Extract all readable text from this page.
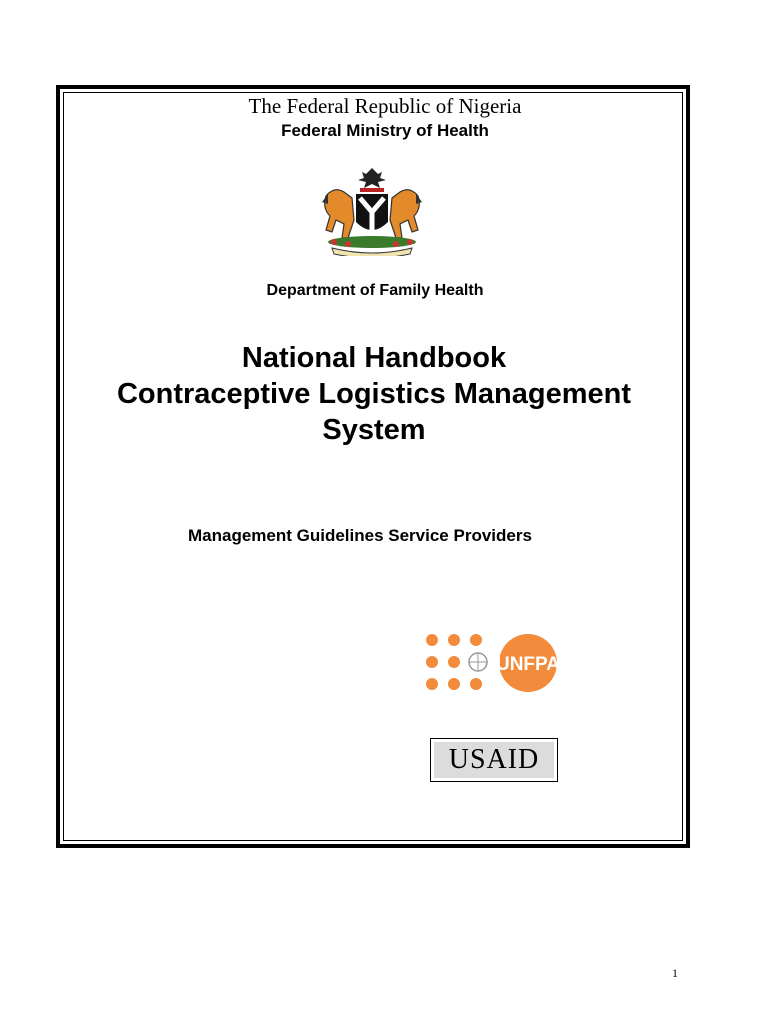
The Federal Republic of Nigeria
Federal Ministry of Health
Department of Family Health
National Handbook
Contraceptive Logistics Management
System
Management Guidelines Service Providers
UNFPA
USAID
1
